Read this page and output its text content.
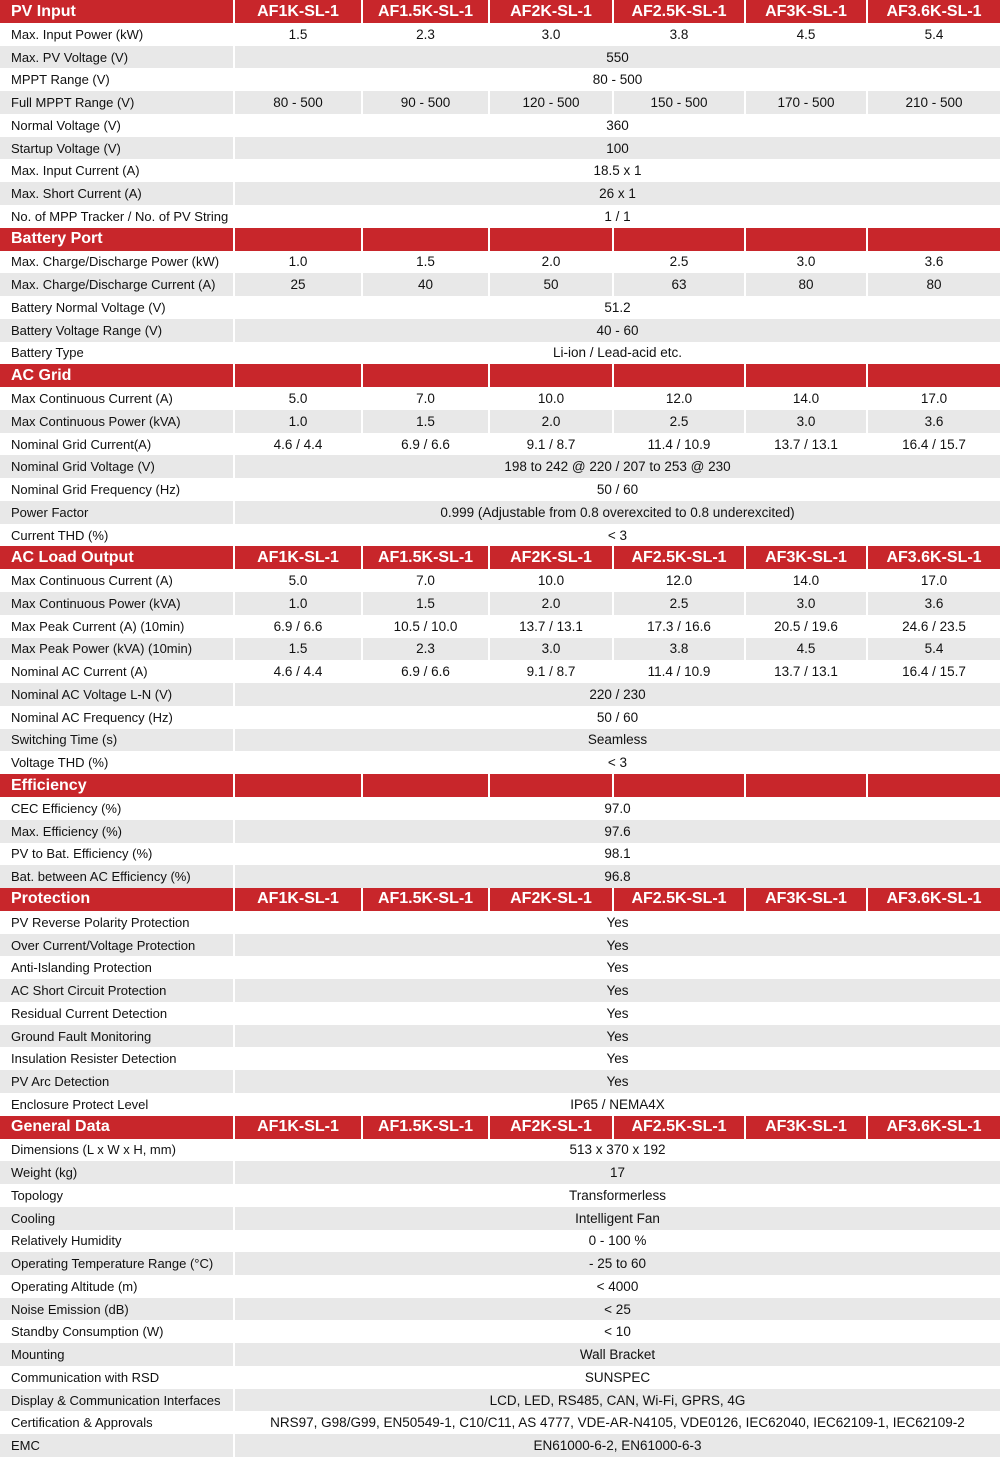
PV Input	AF1K-SL-1	AF1.5K-SL-1	AF2K-SL-1	AF2.5K-SL-1	AF3K-SL-1	AF3.6K-SL-1
Max. Input Power (kW)	1.5	2.3	3.0	3.8	4.5	5.4
Max. PV Voltage (V)	550
MPPT Range (V)	80 - 500
Full MPPT Range (V)	80 - 500	90 - 500	120 - 500	150 - 500	170 - 500	210 - 500
Normal Voltage (V)	360
Startup Voltage (V)	100
Max. Input Current (A)	18.5 x 1
Max. Short Current (A)	26 x 1
No. of MPP Tracker / No. of PV String	1 / 1
Battery Port
Max. Charge/Discharge Power (kW)	1.0	1.5	2.0	2.5	3.0	3.6
Max. Charge/Discharge Current (A)	25	40	50	63	80	80
Battery Normal Voltage (V)	51.2
Battery Voltage Range (V)	40 - 60
Battery Type	Li-ion / Lead-acid etc.
AC Grid
Max Continuous Current (A)	5.0	7.0	10.0	12.0	14.0	17.0
Max Continuous Power (kVA)	1.0	1.5	2.0	2.5	3.0	3.6
Nominal Grid Current(A)	4.6 / 4.4	6.9 / 6.6	9.1 / 8.7	11.4 / 10.9	13.7 / 13.1	16.4 / 15.7
Nominal Grid Voltage (V)	198 to 242 @ 220 / 207 to 253 @ 230
Nominal Grid Frequency (Hz)	50 / 60
Power Factor	0.999 (Adjustable from 0.8 overexcited to 0.8 underexcited)
Current THD (%)	< 3
AC Load Output	AF1K-SL-1	AF1.5K-SL-1	AF2K-SL-1	AF2.5K-SL-1	AF3K-SL-1	AF3.6K-SL-1
Max Continuous Current (A)	5.0	7.0	10.0	12.0	14.0	17.0
Max Continuous Power (kVA)	1.0	1.5	2.0	2.5	3.0	3.6
Max Peak Current (A) (10min)	6.9 / 6.6	10.5 / 10.0	13.7 / 13.1	17.3 / 16.6	20.5 / 19.6	24.6 / 23.5
Max Peak Power (kVA) (10min)	1.5	2.3	3.0	3.8	4.5	5.4
Nominal AC Current (A)	4.6 / 4.4	6.9 / 6.6	9.1 / 8.7	11.4 / 10.9	13.7 / 13.1	16.4 / 15.7
Nominal AC Voltage L-N (V)	220 / 230
Nominal AC Frequency (Hz)	50 / 60
Switching Time (s)	Seamless
Voltage THD (%)	< 3
Efficiency
CEC Efficiency (%)	97.0
Max. Efficiency (%)	97.6
PV to Bat. Efficiency (%)	98.1
Bat. between AC Efficiency (%)	96.8
Protection	AF1K-SL-1	AF1.5K-SL-1	AF2K-SL-1	AF2.5K-SL-1	AF3K-SL-1	AF3.6K-SL-1
PV Reverse Polarity Protection	Yes
Over Current/Voltage Protection	Yes
Anti-Islanding Protection	Yes
AC Short Circuit Protection	Yes
Residual Current Detection	Yes
Ground Fault Monitoring	Yes
Insulation Resister Detection	Yes
PV Arc Detection	Yes
Enclosure Protect Level	IP65 / NEMA4X
General Data	AF1K-SL-1	AF1.5K-SL-1	AF2K-SL-1	AF2.5K-SL-1	AF3K-SL-1	AF3.6K-SL-1
Dimensions (L x W x H, mm)	513 x 370 x 192
Weight (kg)	17
Topology	Transformerless
Cooling	Intelligent Fan
Relatively Humidity	0 - 100 %
Operating Temperature Range (°C)	- 25 to 60
Operating Altitude (m)	< 4000
Noise Emission (dB)	< 25
Standby Consumption (W)	< 10
Mounting	Wall Bracket
Communication with RSD	SUNSPEC
Display & Communication Interfaces	LCD, LED, RS485, CAN, Wi-Fi, GPRS, 4G
Certification & Approvals	NRS97, G98/G99, EN50549-1, C10/C11, AS 4777, VDE-AR-N4105, VDE0126, IEC62040, IEC62109-1, IEC62109-2
EMC	EN61000-6-2, EN61000-6-3
